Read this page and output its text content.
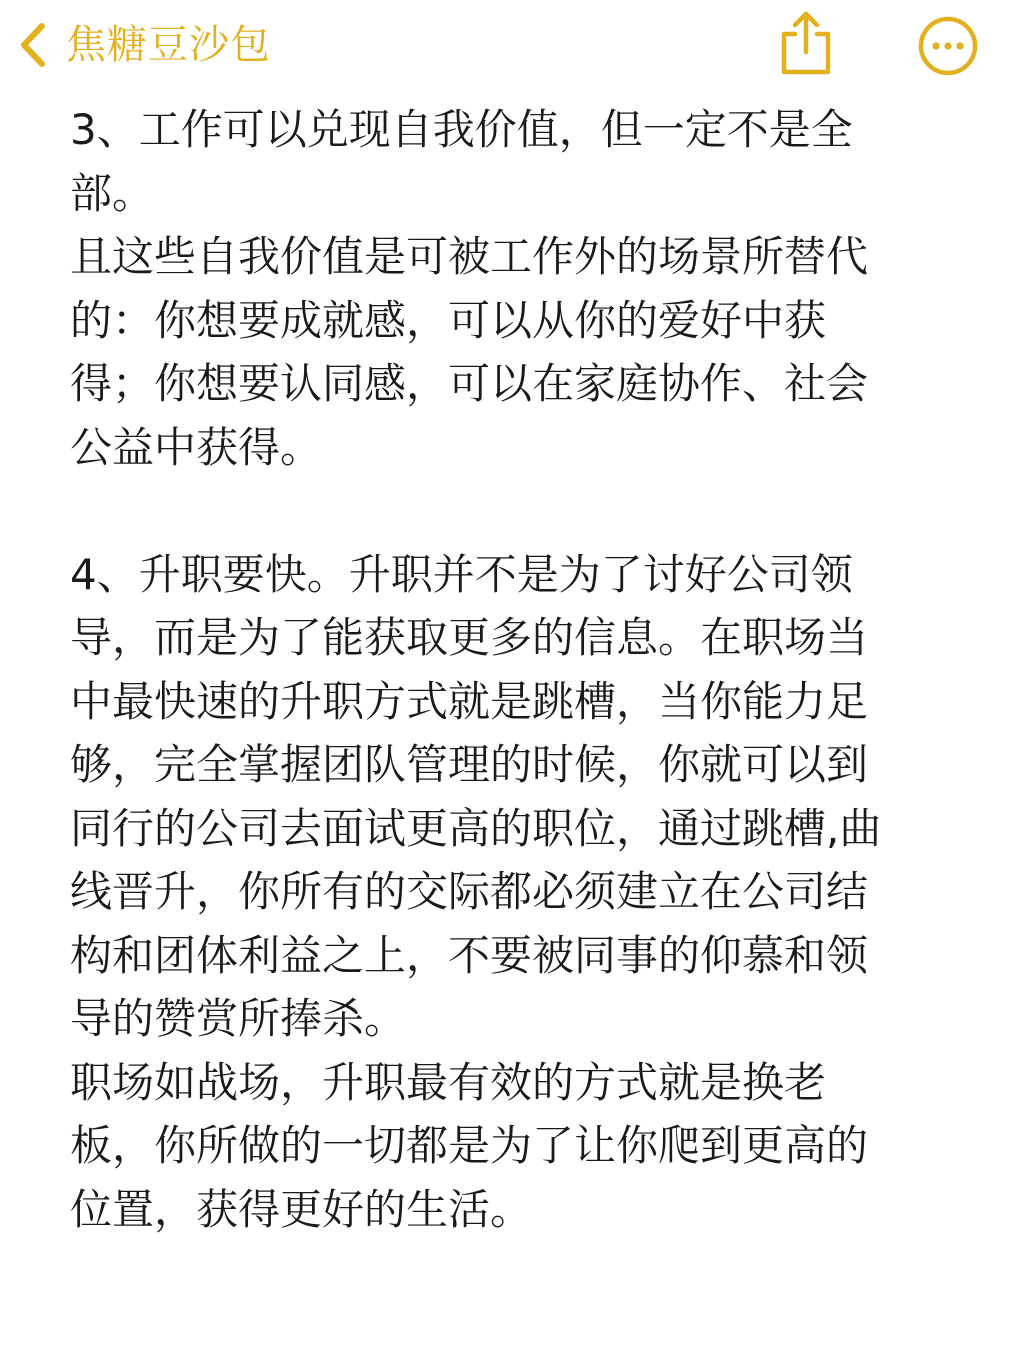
焦糖豆沙包
3、工作可以兑现自我价值，但一定不是全
部。
且这些自我价值是可被工作外的场景所替代
的：你想要成就感，可以从你的爱好中获
得；你想要认同感，可以在家庭协作、社会
公益中获得。
4、升职要快。升职并不是为了讨好公司领
导，而是为了能获取更多的信息。在职场当
中最快速的升职方式就是跳槽，当你能力足
够，完全掌握团队管理的时候，你就可以到
同行的公司去面试更高的职位，通过跳槽,曲
线晋升，你所有的交际都必须建立在公司结
构和团体利益之上，不要被同事的仰慕和领
导的赞赏所捧杀。
职场如战场，升职最有效的方式就是换老
板，你所做的一切都是为了让你爬到更高的
位置，获得更好的生活。
